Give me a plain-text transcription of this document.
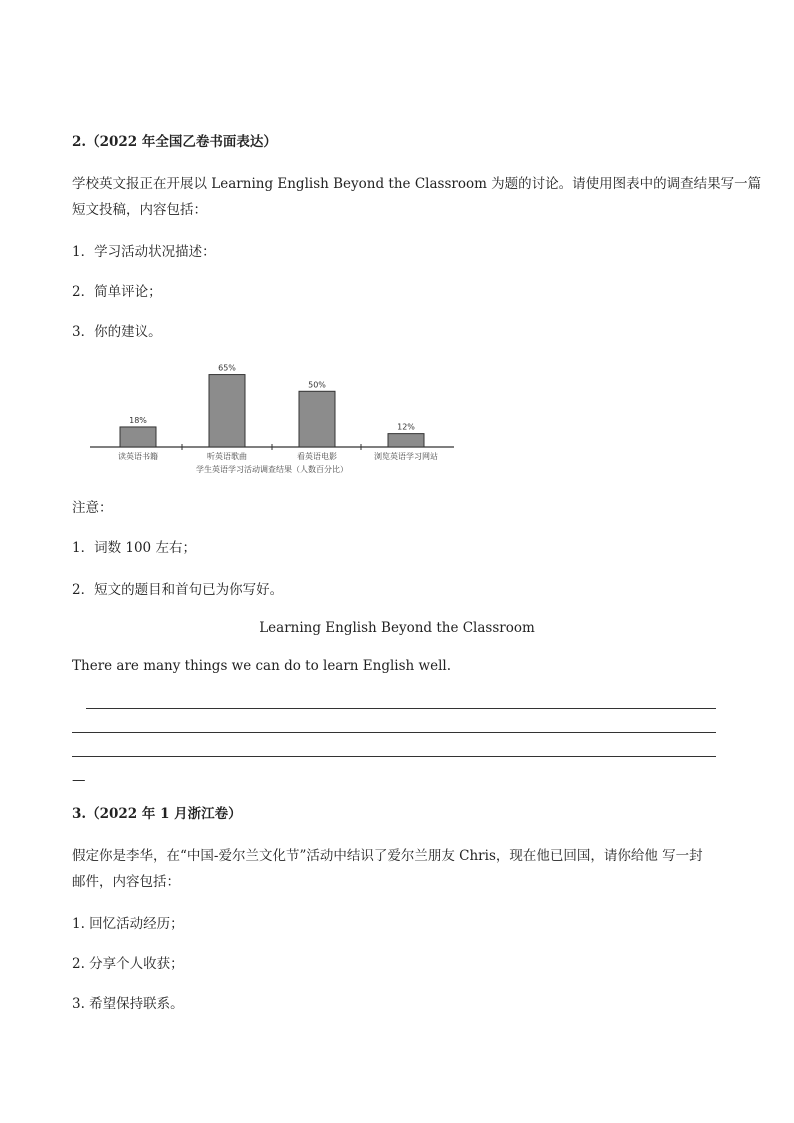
2.（2022 年全国乙卷书面表达）
学校英文报正在开展以 Learning English Beyond the Classroom 为题的讨论。请使用图表中的调查结果写一篇
短文投稿，内容包括：
1．学习活动状况描述：
2．简单评论；
3．你的建议。
18%
读英语书籍
65%
听英语歌曲
50%
看英语电影
12%
浏览英语学习网站
学生英语学习活动调查结果（人数百分比）
注意：
1．词数 100 左右；
2．短文的题目和首句已为你写好。
Learning English Beyond the Classroom
There are many things we can do to learn English well.
—
3.（2022 年 1 月浙江卷）
假定你是李华，在“中国-爱尔兰文化节”活动中结识了爱尔兰朋友 Chris，现在他已回国，请你给他 写一封
邮件，内容包括：
1. 回忆活动经历；
2. 分享个人收获；
3. 希望保持联系。
